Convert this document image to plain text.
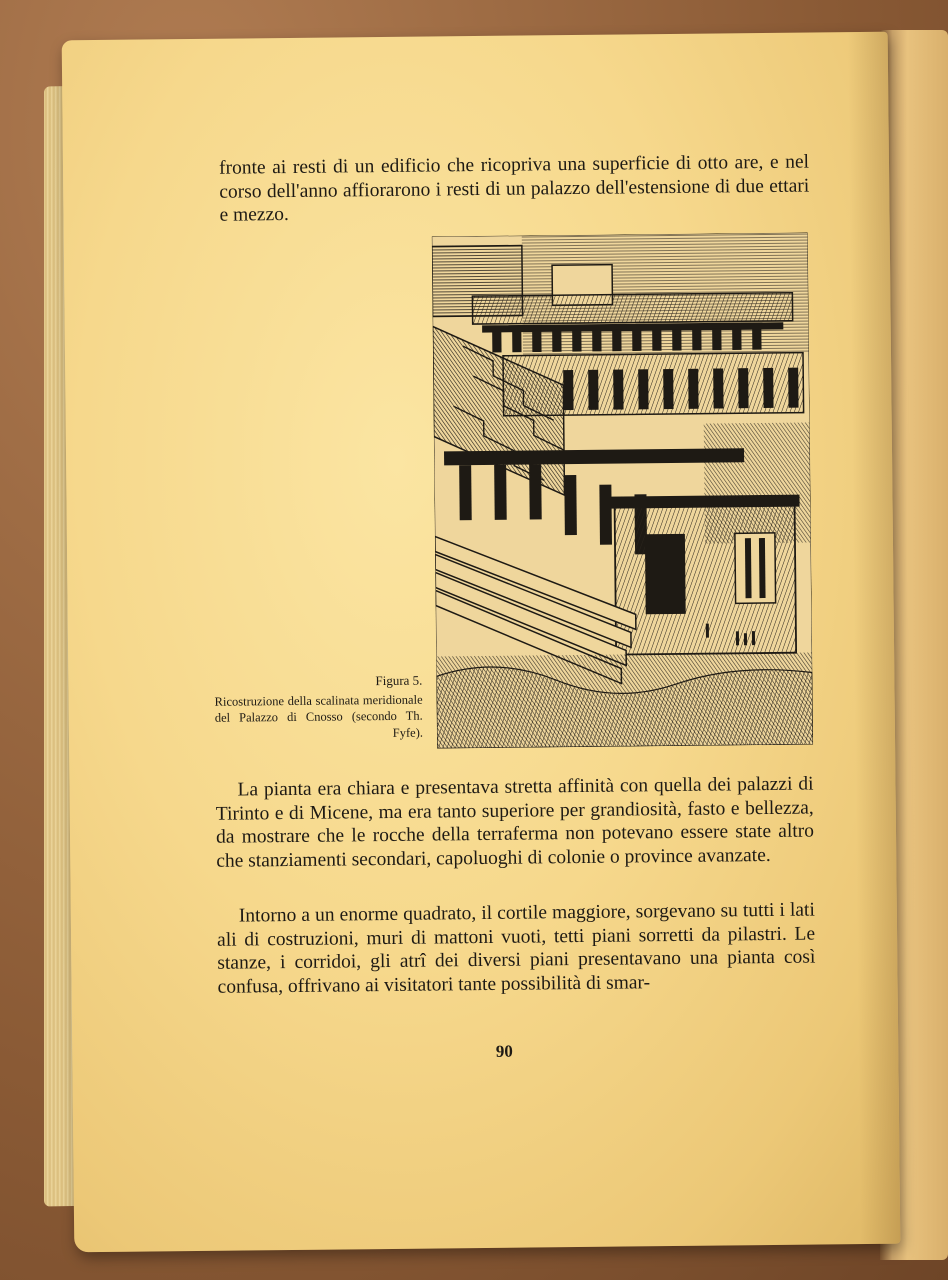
fronte ai resti di un edificio che ricopriva una superficie di otto are, e nel corso dell'anno affiorarono i resti di un palazzo dell'estensione di due ettari e mezzo.

Figura 5.
Ricostruzione della scalinata meridionale del Palazzo di Cnosso (secondo Th. Fyfe).

La pianta era chiara e presentava stretta affinità con quella dei palazzi di Tirinto e di Micene, ma era tanto superiore per grandiosità, fasto e bellezza, da mostrare che le rocche della terraferma non potevano essere state altro che stanziamenti secondari, capoluoghi di colonie o province avanzate.

Intorno a un enorme quadrato, il cortile maggiore, sorgevano su tutti i lati ali di costruzioni, muri di mattoni vuoti, tetti piani sorretti da pilastri. Le stanze, i corridoi, gli atrî dei diversi piani presentavano una pianta così confusa, offrivano ai visitatori tante possibilità di smar-

90
